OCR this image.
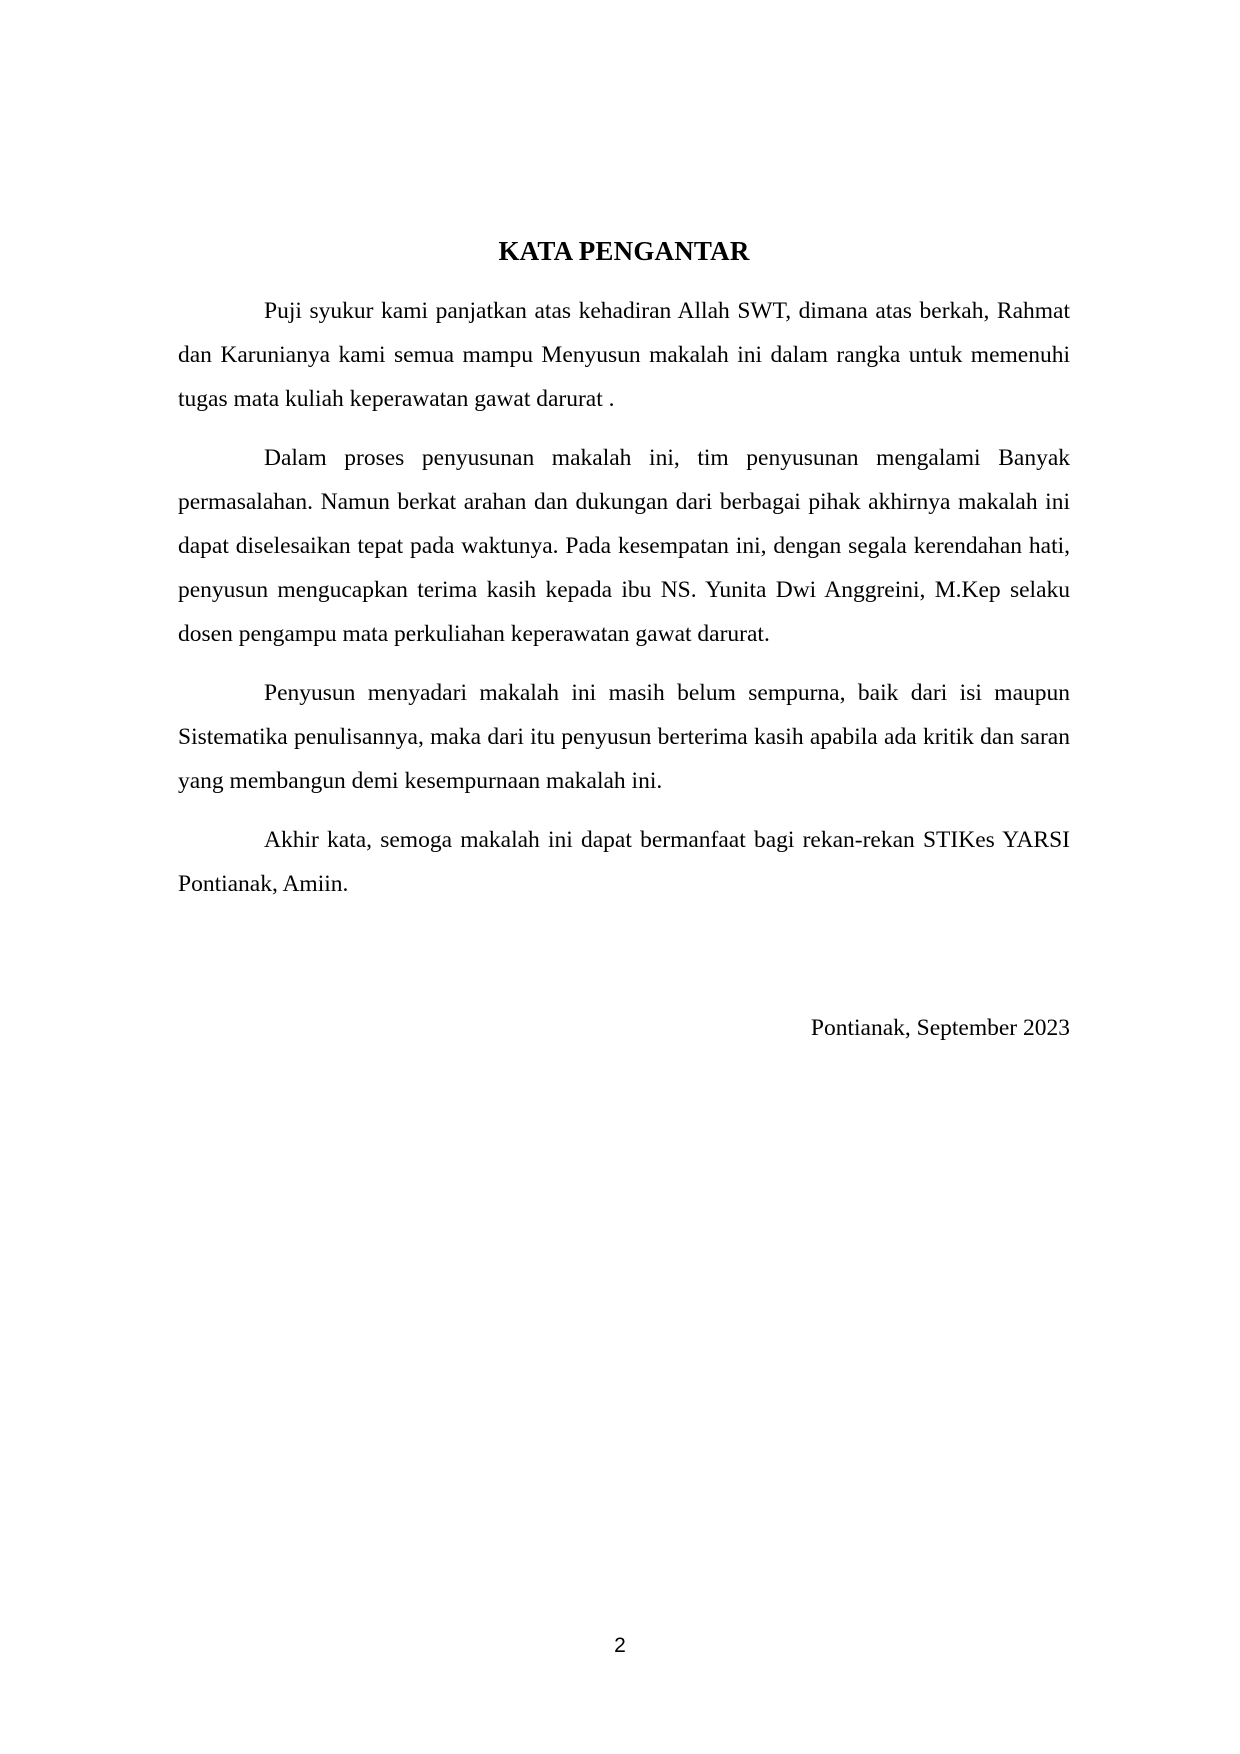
KATA PENGANTAR

Puji syukur kami panjatkan atas kehadiran Allah SWT, dimana atas berkah, Rahmat dan Karunianya kami semua mampu Menyusun makalah ini dalam rangka untuk memenuhi tugas mata kuliah keperawatan gawat darurat .

Dalam proses penyusunan makalah ini, tim penyusunan mengalami Banyak permasalahan. Namun berkat arahan dan dukungan dari berbagai pihak akhirnya makalah ini dapat diselesaikan tepat pada waktunya. Pada kesempatan ini, dengan segala kerendahan hati, penyusun mengucapkan terima kasih kepada ibu NS. Yunita Dwi Anggreini, M.Kep selaku dosen pengampu mata perkuliahan keperawatan gawat darurat.

Penyusun menyadari makalah ini masih belum sempurna, baik dari isi maupun Sistematika penulisannya, maka dari itu penyusun berterima kasih apabila ada kritik dan saran yang membangun demi kesempurnaan makalah ini.

Akhir kata, semoga makalah ini dapat bermanfaat bagi rekan-rekan STIKes YARSI Pontianak, Amiin.

Pontianak, September 2023
2
